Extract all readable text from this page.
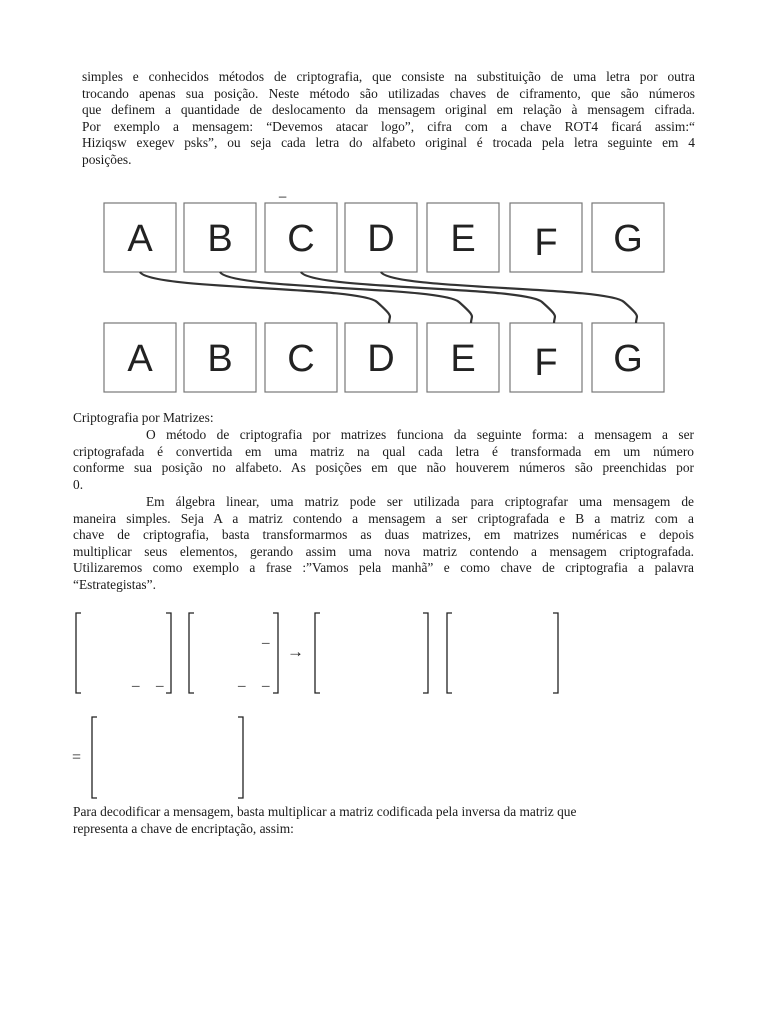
simples e conhecidos métodos de criptografia, que consiste na substituição de uma letra por outra
trocando apenas sua posição. Neste método são utilizadas chaves de ciframento, que são números
que definem a quantidade de deslocamento da mensagem original em relação à mensagem cifrada.
Por exemplo a mensagem: “Devemos atacar logo”, cifra com a chave ROT4 ficará assim:“
Hiziqsw exegev psks”, ou seja cada letra do alfabeto original é trocada pela letra seguinte em 4
posições.
_
A B C D E F G
A B C D E F G
→
_ _
_
_ _
Criptografia por Matrizes:
O método de criptografia por matrizes funciona da seguinte forma: a mensagem a ser
criptografada é convertida em uma matriz na qual cada letra é transformada em um número
conforme sua posição no alfabeto. As posições em que não houverem números são preenchidas por
0.
Em álgebra linear, uma matriz pode ser utilizada para criptografar uma mensagem de
maneira simples. Seja A a matriz contendo a mensagem a ser criptografada e B a matriz com a
chave de criptografia, basta transformarmos as duas matrizes, em matrizes numéricas e depois
multiplicar seus elementos, gerando assim uma nova matriz contendo a mensagem criptografada.
Utilizaremos como exemplo a frase :”Vamos pela manhã” e como chave de criptografia a palavra
“Estrategistas”.
=
Para decodificar a mensagem, basta multiplicar a matriz codificada pela inversa da matriz que
representa a chave de encriptação, assim:
